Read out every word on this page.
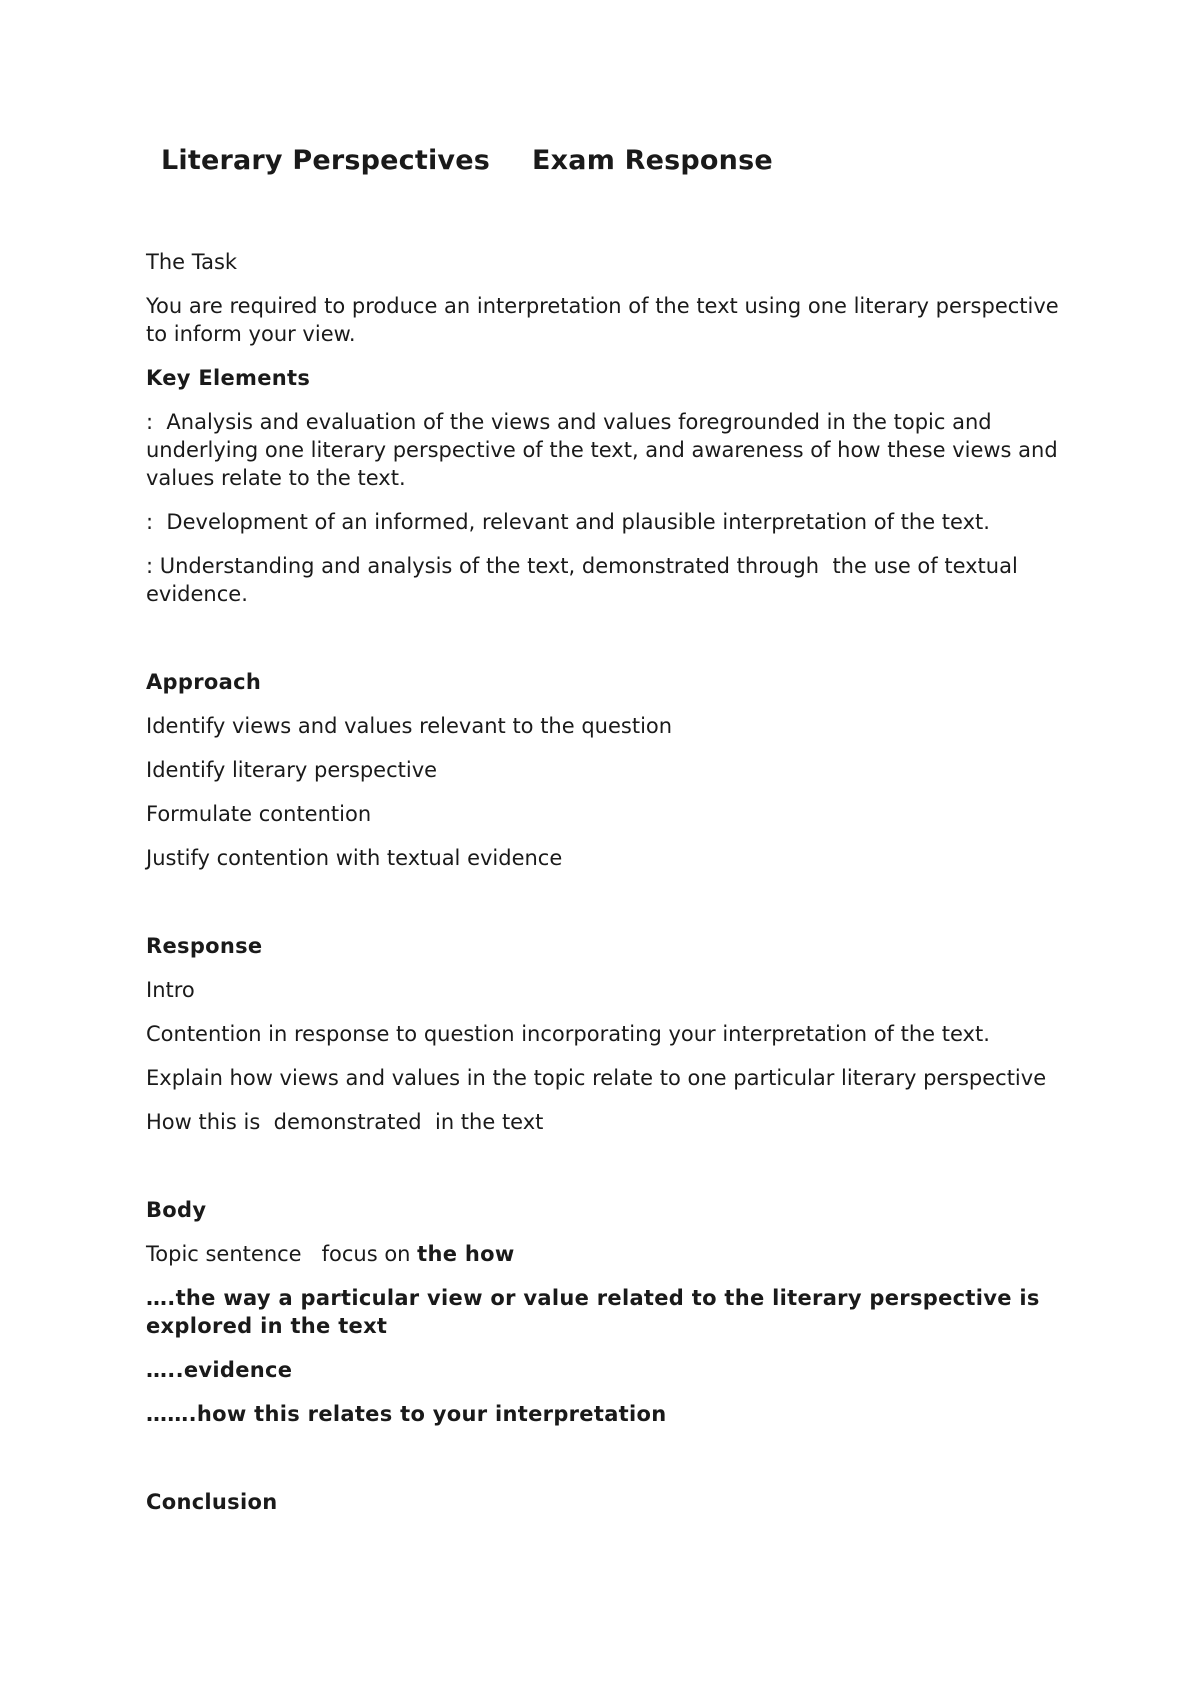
Literary Perspectives Exam Response
The Task

You are required to produce an interpretation of the text using one literary perspective to inform your view.

Key Elements

:  Analysis and evaluation of the views and values foregrounded in the topic and underlying one literary perspective of the text, and awareness of how these views and values relate to the text.

:  Development of an informed, relevant and plausible interpretation of the text.

: Understanding and analysis of the text, demonstrated through  the use of textual evidence.

Approach

Identify views and values relevant to the question

Identify literary perspective

Formulate contention

Justify contention with textual evidence

Response

Intro

Contention in response to question incorporating your interpretation of the text.

Explain how views and values in the topic relate to one particular literary perspective

How this is  demonstrated  in the text

Body

Topic sentence   focus on the how

….the way a particular view or value related to the literary perspective is explored in the text

…..evidence

…….how this relates to your interpretation

Conclusion
